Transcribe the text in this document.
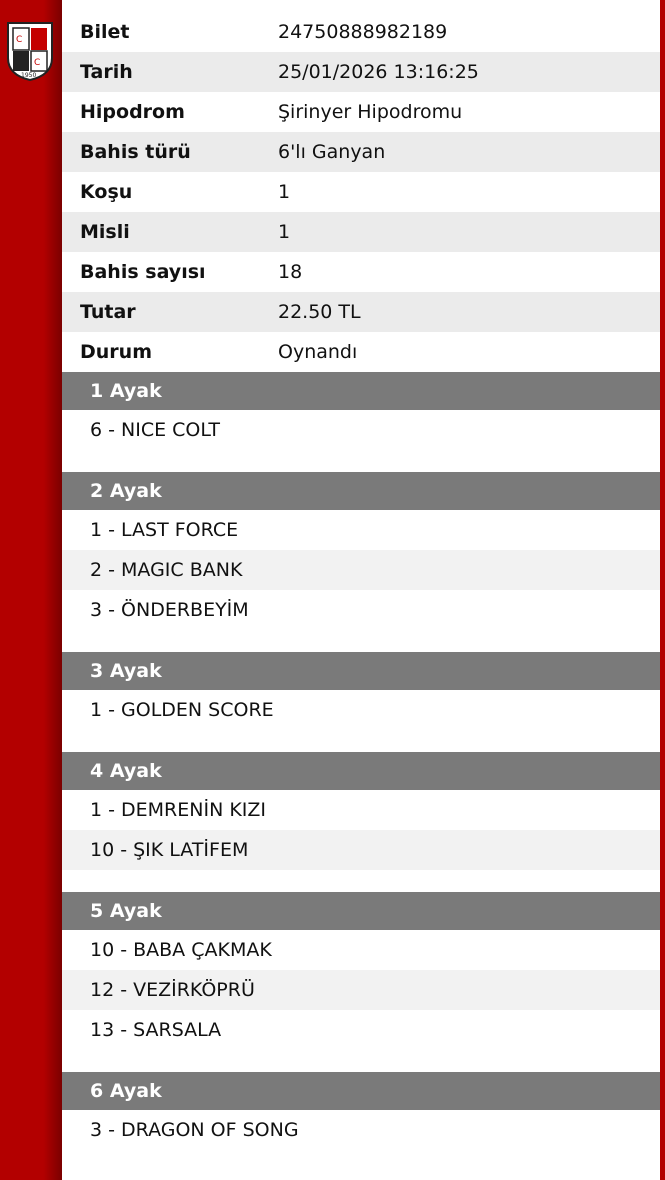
C
C
1950
Bilet	24750888982189
Tarih	25/01/2026 13:16:25
Hipodrom	Şirinyer Hipodromu
Bahis türü	6'lı Ganyan
Koşu	1
Misli	1
Bahis sayısı	18
Tutar	22.50 TL
Durum	Oynandı
1 Ayak
6 - NICE COLT
2 Ayak
1 - LAST FORCE
2 - MAGIC BANK
3 - ÖNDERBEYİM
3 Ayak
1 - GOLDEN SCORE
4 Ayak
1 - DEMRENİN KIZI
10 - ŞIK LATİFEM
5 Ayak
10 - BABA ÇAKMAK
12 - VEZİRKÖPRÜ
13 - SARSALA
6 Ayak
3 - DRAGON OF SONG
